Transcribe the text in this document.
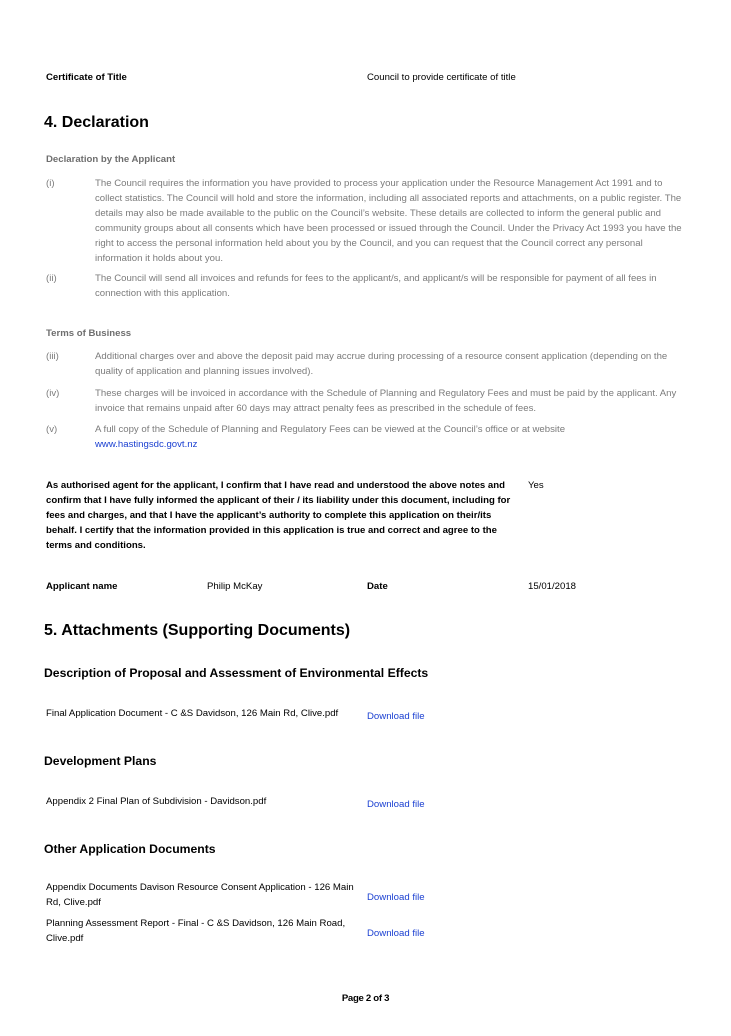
Certificate of Title	Council to provide certificate of title
4. Declaration
Declaration by the Applicant
(i)	The Council requires the information you have provided to process your application under the Resource Management Act 1991 and to collect statistics. The Council will hold and store the information, including all associated reports and attachments, on a public register. The details may also be made available to the public on the Council’s website. These details are collected to inform the general public and community groups about all consents which have been processed or issued through the Council. Under the Privacy Act 1993 you have the right to access the personal information held about you by the Council, and you can request that the Council correct any personal information it holds about you.
(ii)	The Council will send all invoices and refunds for fees to the applicant/s, and applicant/s will be responsible for payment of all fees in connection with this application.
Terms of Business
(iii)	Additional charges over and above the deposit paid may accrue during processing of a resource consent application (depending on the quality of application and planning issues involved).
(iv)	These charges will be invoiced in accordance with the Schedule of Planning and Regulatory Fees and must be paid by the applicant. Any invoice that remains unpaid after 60 days may attract penalty fees as prescribed in the schedule of fees.
(v)	A full copy of the Schedule of Planning and Regulatory Fees can be viewed at the Council’s office or at website
www.hastingsdc.govt.nz
As authorised agent for the applicant, I confirm that I have read and understood the above notes and confirm that I have fully informed the applicant of their / its liability under this document, including for fees and charges, and that I have the applicant’s authority to complete this application on their/its behalf. I certify that the information provided in this application is true and correct and agree to the terms and conditions.
Yes
Applicant name	Philip McKay	Date	15/01/2018
5. Attachments (Supporting Documents)
Description of Proposal and Assessment of Environmental Effects
Final Application Document - C &S Davidson, 126 Main Rd, Clive.pdf	Download file
Development Plans
Appendix 2 Final Plan of Subdivision - Davidson.pdf	Download file
Other Application Documents
Appendix Documents Davison Resource Consent Application - 126 Main Rd, Clive.pdf	Download file
Planning Assessment Report - Final - C &S Davidson, 126 Main Road, Clive.pdf	Download file
Page 2 of 3
